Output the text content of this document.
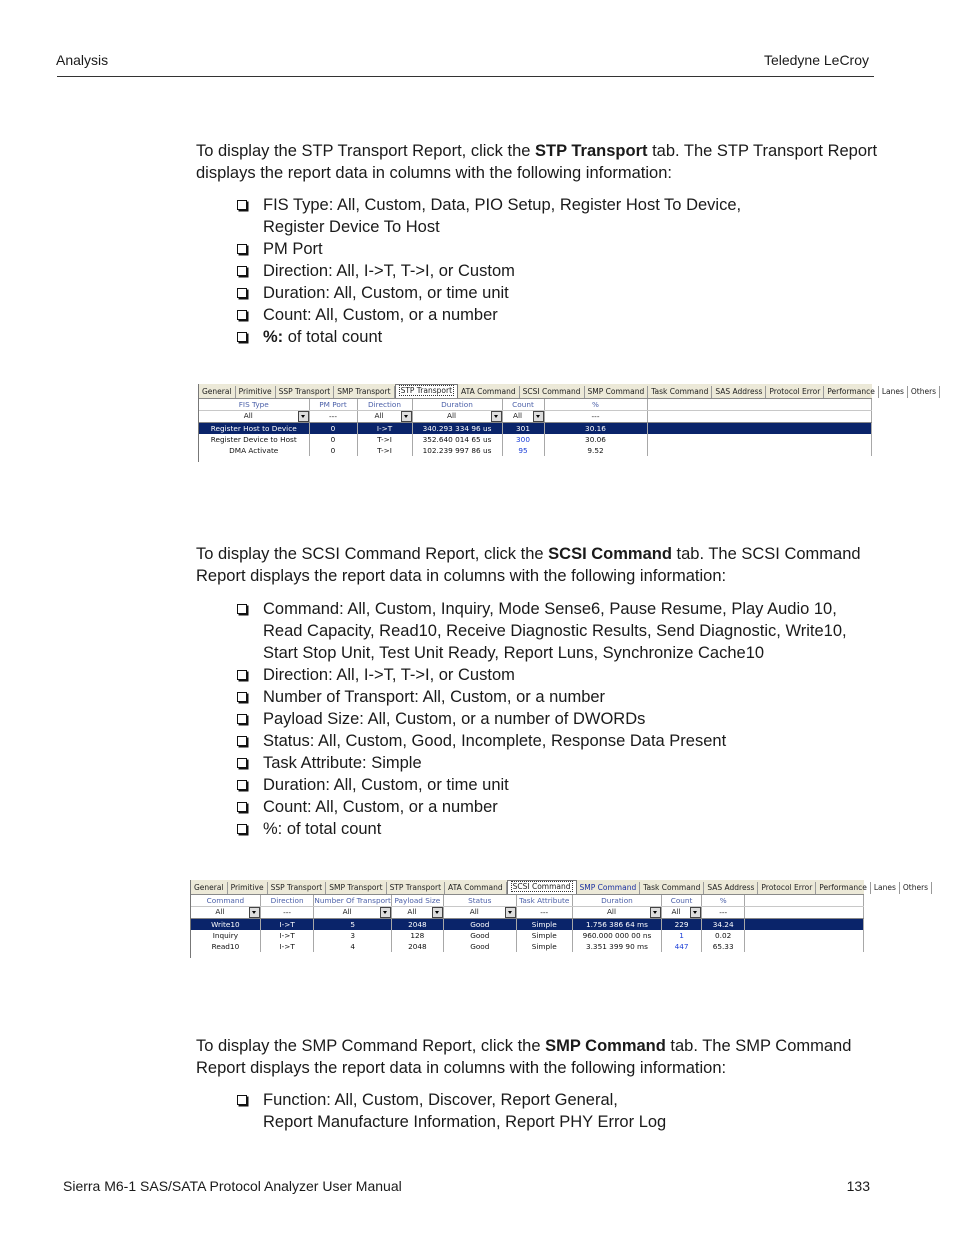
Analysis	Teledyne LeCroy
To display the STP Transport Report, click the STP Transport tab. The STP Transport Report displays the report data in columns with the following information:
FIS Type: All, Custom, Data, PIO Setup, Register Host To Device,
Register Device To Host
PM Port
Direction: All, I->T, T->I, or Custom
Duration: All, Custom, or time unit
Count: All, Custom, or a number
%: of total count
General Primitive SSP Transport SMP Transport	STP Transport	ATA Command SCSI Command SMP Command Task Command SAS Address Protocol Error Performance Lanes Others
FIS Type	PM Port	Direction	Duration	Count	%	
All	---	All	All	All	---	
Register Host to Device	0	I->T	340.293 334 96 us	301	30.16	
Register Device to Host	0	T->I	352.640 014 65 us	300	30.06	
DMA Activate	0	T->I	102.239 997 86 us	95	9.52	
To display the SCSI Command Report, click the SCSI Command tab. The SCSI Command Report displays the report data in columns with the following information:
Command: All, Custom, Inquiry, Mode Sense6, Pause Resume, Play Audio 10,
Read Capacity, Read10, Receive Diagnostic Results, Send Diagnostic, Write10,
Start Stop Unit, Test Unit Ready, Report Luns, Synchronize Cache10
Direction: All, I->T, T->I, or Custom
Number of Transport: All, Custom, or a number
Payload Size: All, Custom, or a number of DWORDs
Status: All, Custom, Good, Incomplete, Response Data Present
Task Attribute: Simple
Duration: All, Custom, or time unit
Count: All, Custom, or a number
%: of total count
General Primitive SSP Transport SMP Transport STP Transport ATA Command	SCSI Command	SMP Command Task Command SAS Address Protocol Error Performance Lanes Others
Command	Direction	Number Of Transport	Payload Size	Status	Task Attribute	Duration	Count	%	
All	---	All	All	All	---	All	All	---	
Write10	I->T	5	2048	Good	Simple	1.756 386 64 ms	229	34.24	
Inquiry	I->T	3	128	Good	Simple	960.000 000 00 ns	1	0.02	
Read10	I->T	4	2048	Good	Simple	3.351 399 90 ms	447	65.33	
To display the SMP Command Report, click the SMP Command tab. The SMP Command Report displays the report data in columns with the following information:
Function: All, Custom, Discover, Report General,
Report Manufacture Information, Report PHY Error Log
Sierra M6-1 SAS/SATA Protocol Analyzer User Manual	133
